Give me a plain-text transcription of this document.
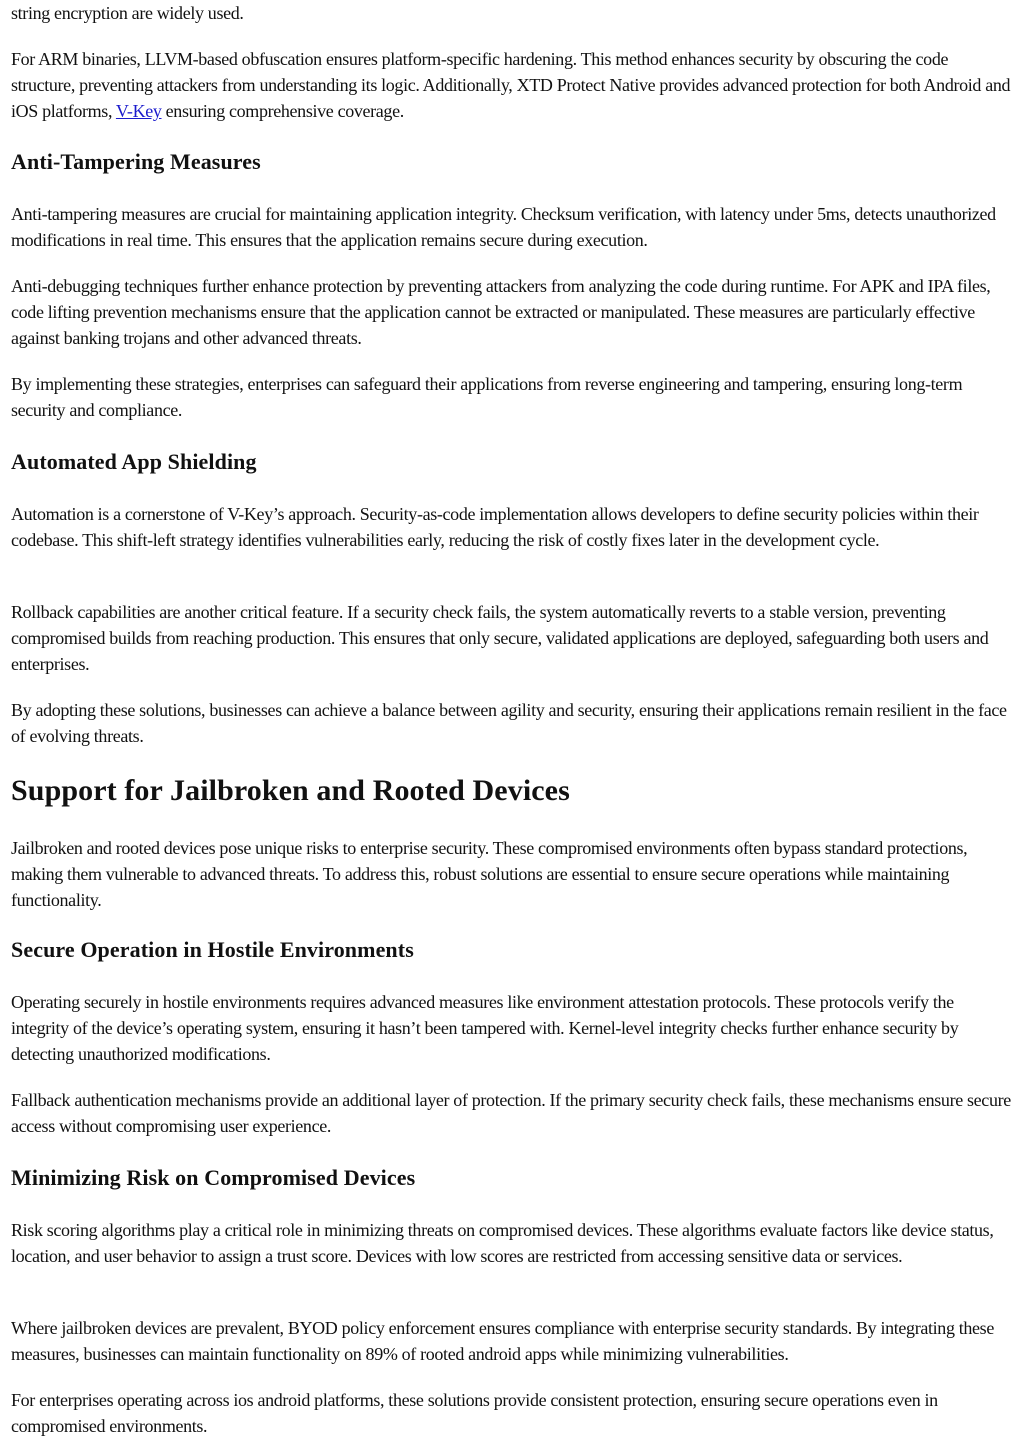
string encryption are widely used.

For ARM binaries, LLVM-based obfuscation ensures platform-specific hardening. This method enhances security by obscuring the code structure, preventing attackers from understanding its logic. Additionally, XTD Protect Native provides advanced protection for both Android and iOS platforms, V-Key ensuring comprehensive coverage.

Anti-Tampering Measures

Anti-tampering measures are crucial for maintaining application integrity. Checksum verification, with latency under 5ms, detects unauthorized modifications in real time. This ensures that the application remains secure during execution.

Anti-debugging techniques further enhance protection by preventing attackers from analyzing the code during runtime. For APK and IPA files, code lifting prevention mechanisms ensure that the application cannot be extracted or manipulated. These measures are particularly effective against banking trojans and other advanced threats.

By implementing these strategies, enterprises can safeguard their applications from reverse engineering and tampering, ensuring long-term security and compliance.

Automated App Shielding

Automation is a cornerstone of V-Key’s approach. Security-as-code implementation allows developers to define security policies within their codebase. This shift-left strategy identifies vulnerabilities early, reducing the risk of costly fixes later in the development cycle.

Rollback capabilities are another critical feature. If a security check fails, the system automatically reverts to a stable version, preventing compromised builds from reaching production. This ensures that only secure, validated applications are deployed, safeguarding both users and enterprises.

By adopting these solutions, businesses can achieve a balance between agility and security, ensuring their applications remain resilient in the face of evolving threats.

Support for Jailbroken and Rooted Devices

Jailbroken and rooted devices pose unique risks to enterprise security. These compromised environments often bypass standard protections, making them vulnerable to advanced threats. To address this, robust solutions are essential to ensure secure operations while maintaining functionality.

Secure Operation in Hostile Environments

Operating securely in hostile environments requires advanced measures like environment attestation protocols. These protocols verify the integrity of the device’s operating system, ensuring it hasn’t been tampered with. Kernel-level integrity checks further enhance security by detecting unauthorized modifications.

Fallback authentication mechanisms provide an additional layer of protection. If the primary security check fails, these mechanisms ensure secure access without compromising user experience.

Minimizing Risk on Compromised Devices

Risk scoring algorithms play a critical role in minimizing threats on compromised devices. These algorithms evaluate factors like device status, location, and user behavior to assign a trust score. Devices with low scores are restricted from accessing sensitive data or services.

Where jailbroken devices are prevalent, BYOD policy enforcement ensures compliance with enterprise security standards. By integrating these measures, businesses can maintain functionality on 89% of rooted android apps while minimizing vulnerabilities.

For enterprises operating across ios android platforms, these solutions provide consistent protection, ensuring secure operations even in compromised environments.
